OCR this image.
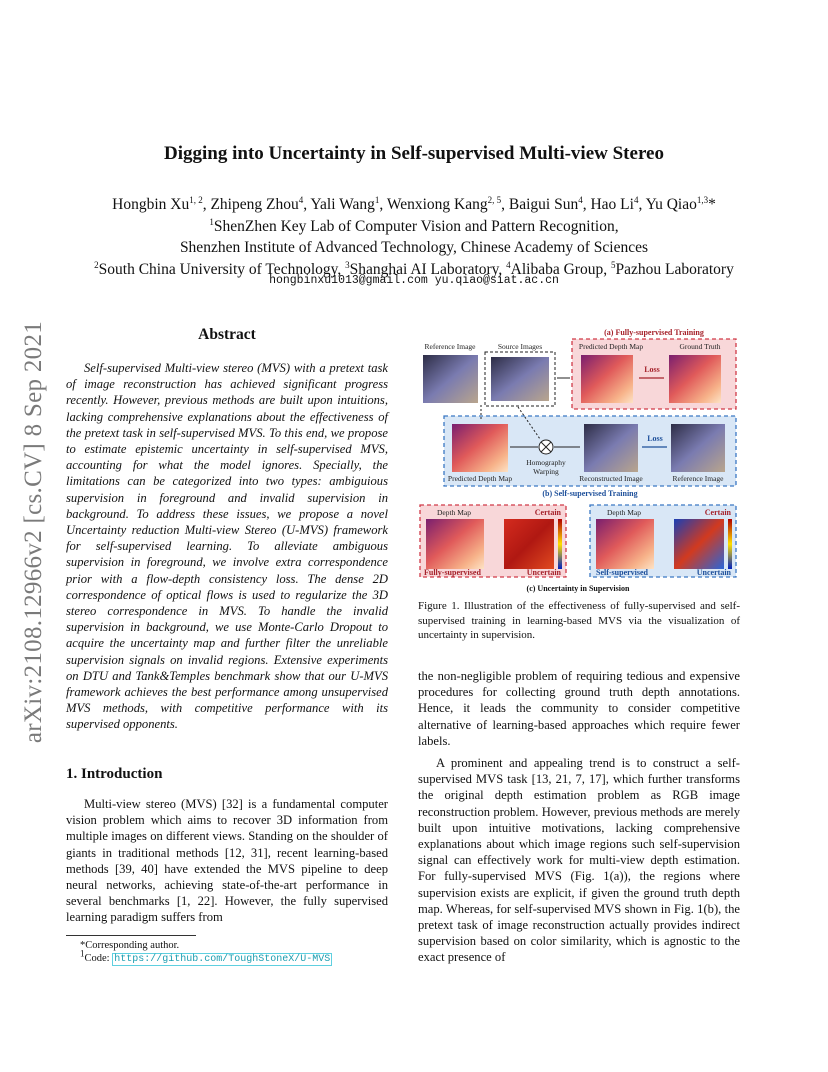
arXiv:2108.12966v2 [cs.CV] 8 Sep 2021
Digging into Uncertainty in Self-supervised Multi-view Stereo
Hongbin Xu$^{1, 2}$, Zhipeng Zhou$^4$, Yali Wang$^1$, Wenxiong Kang$^{2, 5}$, Baigui Sun$^4$, Hao Li$^4$, Yu Qiao$^{1,3}$*
$^1$ShenZhen Key Lab of Computer Vision and Pattern Recognition,
Shenzhen Institute of Advanced Technology, Chinese Academy of Sciences
$^2$South China University of Technology, $^3$Shanghai AI Laboratory, $^4$Alibaba Group, $^5$Pazhou Laboratory
hongbinxu1013@gmail.com yu.qiao@siat.ac.cn
Abstract

Self-supervised Multi-view stereo (MVS) with a pretext task of image reconstruction has achieved significant progress recently. However, previous methods are built upon intuitions, lacking comprehensive explanations about the effectiveness of the pretext task in self-supervised MVS. To this end, we propose to estimate epistemic uncertainty in self-supervised MVS, accounting for what the model ignores. Specially, the limitations can be categorized into two types: ambiguious supervision in foreground and invalid supervision in background. To address these issues, we propose a novel Uncertainty reduction Multi-view Stereo (U-MVS) framework for self-supervised learning. To alleviate ambiguous supervision in foreground, we involve extra correspondence prior with a flow-depth consistency loss. The dense 2D correspondence of optical flows is used to regularize the 3D stereo correspondence in MVS. To handle the invalid supervision in background, we use Monte-Carlo Dropout to acquire the uncertainty map and further filter the unreliable supervision signals on invalid regions. Extensive experiments on DTU and Tank&Temples benchmark show that our U-MVS framework achieves the best performance among unsupervised MVS methods, with competitive performance with its supervised opponents.

1. Introduction

Multi-view stereo (MVS) [32] is a fundamental computer vision problem which aims to recover 3D information from multiple images on different views. Standing on the shoulder of giants in traditional methods [12, 31], recent learning-based methods [39, 40] have extended the MVS pipeline to deep neural networks, achieving state-of-the-art performance in several benchmarks [1, 22]. However, the fully supervised learning paradigm suffers from

*Corresponding author.
$^1$Code: https://github.com/ToughStoneX/U-MVS
(a) Fully-supervised Training
Predicted Depth Map	Ground Truth
Loss
Reference Image	Source Images
Predicted Depth Map
Homography
Warping
Reconstructed Image
Loss
Reference Image
(b) Self-supervised Training
Depth Map	Certain
Fully-supervised	Uncertain
Depth Map	Certain
Self-supervised	Uncertain
(c) Uncertainty in Supervision
Figure 1. Illustration of the effectiveness of fully-supervised and self-supervised training in learning-based MVS via the visualization of uncertainty in supervision.

the non-negligible problem of requiring tedious and expensive procedures for collecting ground truth depth annotations. Hence, it leads the community to consider competitive alternative of learning-based approaches which require fewer labels.

A prominent and appealing trend is to construct a self-supervised MVS task [13, 21, 7, 17], which further transforms the original depth estimation problem as RGB image reconstruction problem. However, previous methods are merely built upon intuitive motivations, lacking comprehensive explanations about which image regions such self-supervision signal can effectively work for multi-view depth estimation. For fully-supervised MVS (Fig. 1(a)), the regions where supervision exists are explicit, if given the ground truth depth map. Whereas, for self-supervised MVS shown in Fig. 1(b), the pretext task of image reconstruction actually provides indirect supervision based on color similarity, which is agnostic to the exact presence of
